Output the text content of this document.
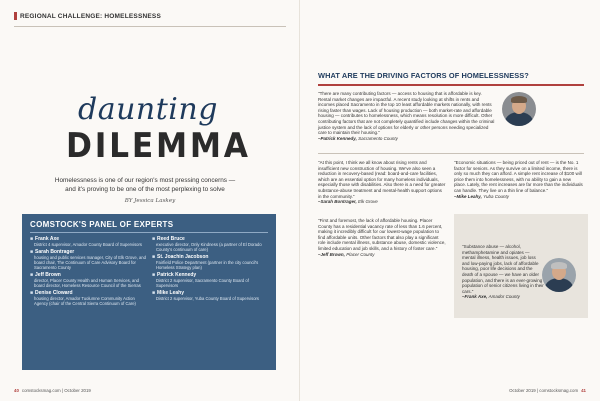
REGIONAL CHALLENGE: HOMELESSNESS
daunting
DILEMMA
Homelessness is one of our region's most pressing concerns — and it's proving to be one of the most perplexing to solve
BY Jessica Laskey
COMSTOCK'S PANEL OF EXPERTS
■ Frank Axe
District 4 supervisor, Amador County Board of Supervisors
■ Sarah Bontrager
housing and public services manager, City of Elk Grove, and board chair, The Continuum of Care Advisory Board for Sacramento County
■ Jeff Brown
director, Placer County Health and Human Services, and board director, Homeless Resource Council of the Sierras
■ Denise Cloward
housing director, Amador Tuolumne Community Action Agency (chair of the Central Sierra Continuum of Care)
■ Reed Bruce
executive director, Only Kindness (a partner of El Dorado County's continuum of care)
■ St. Joachin Jacobson
Fairfield Police Department (partner in the city council's Homeless Strategy plan)
■ Patrick Kennedy
District 2 supervisor, Sacramento County Board of Supervisors
■ Mike Leahy
District 2 supervisor, Yuba County Board of Supervisors
40 comstocksmag.com | October 2019
WHAT ARE THE DRIVING FACTORS OF HOMELESSNESS?
"There are many contributing factors — access to housing that is affordable is key. Rental market changes are impactful. A recent study looking at shifts in rents and incomes placed Sacramento in the top 10 least affordable markets nationally, with rents rising faster than wages. Lack of housing production — both market-rate and affordable housing — contributes to homelessness, which means resolution is more difficult. Other contributing factors that are not completely quantified include changes within the criminal justice system and the lack of options for elderly or other persons needing specialized care to maintain their housing."
–Patrick Kennedy, Sacramento County
"At this point, I think we all know about rising rents and insufficient new construction of housing. We've also seen a reduction in recovery-based (read: board-and-care facilities, which are an essential option for many homeless individuals, especially those with disabilities. Also there is a need for greater substance-abuse treatment and mental-health support options in the community."
–Sarah Bontrager, Elk Grove
"Economic situations — being priced out of rent — is the No. 1 factor for seniors. As they survive on a limited income, there is only so much they can afford. A simple rent increase of $100 will price them into homelessness, with no ability to gain a new place. Lately, the rent increases are far more than the individuals can handle. They live on a thin line of balance."
–Mike Leahy, Yuba County
"First and foremost, the lack of affordable housing. Placer County has a residential vacancy rate of less than 1.6 percent, making it incredibly difficult for our lowest-wage population to find affordable units. Other factors that also play a significant role include mental illness, substance abuse, domestic violence, limited education and job skills, and a history of foster care."
–Jeff Brown, Placer County
"Substance abuse — alcohol, methamphetamine and opiates — mental illness, health issues, job loss and low-paying jobs, lack of affordable housing, poor life decisions and the death of a spouse — we have an older population, and there is an ever-growing population of senior citizens living in their cars."
–Frank Axe, Amador County
October 2019 | comstocksmag.com 41
